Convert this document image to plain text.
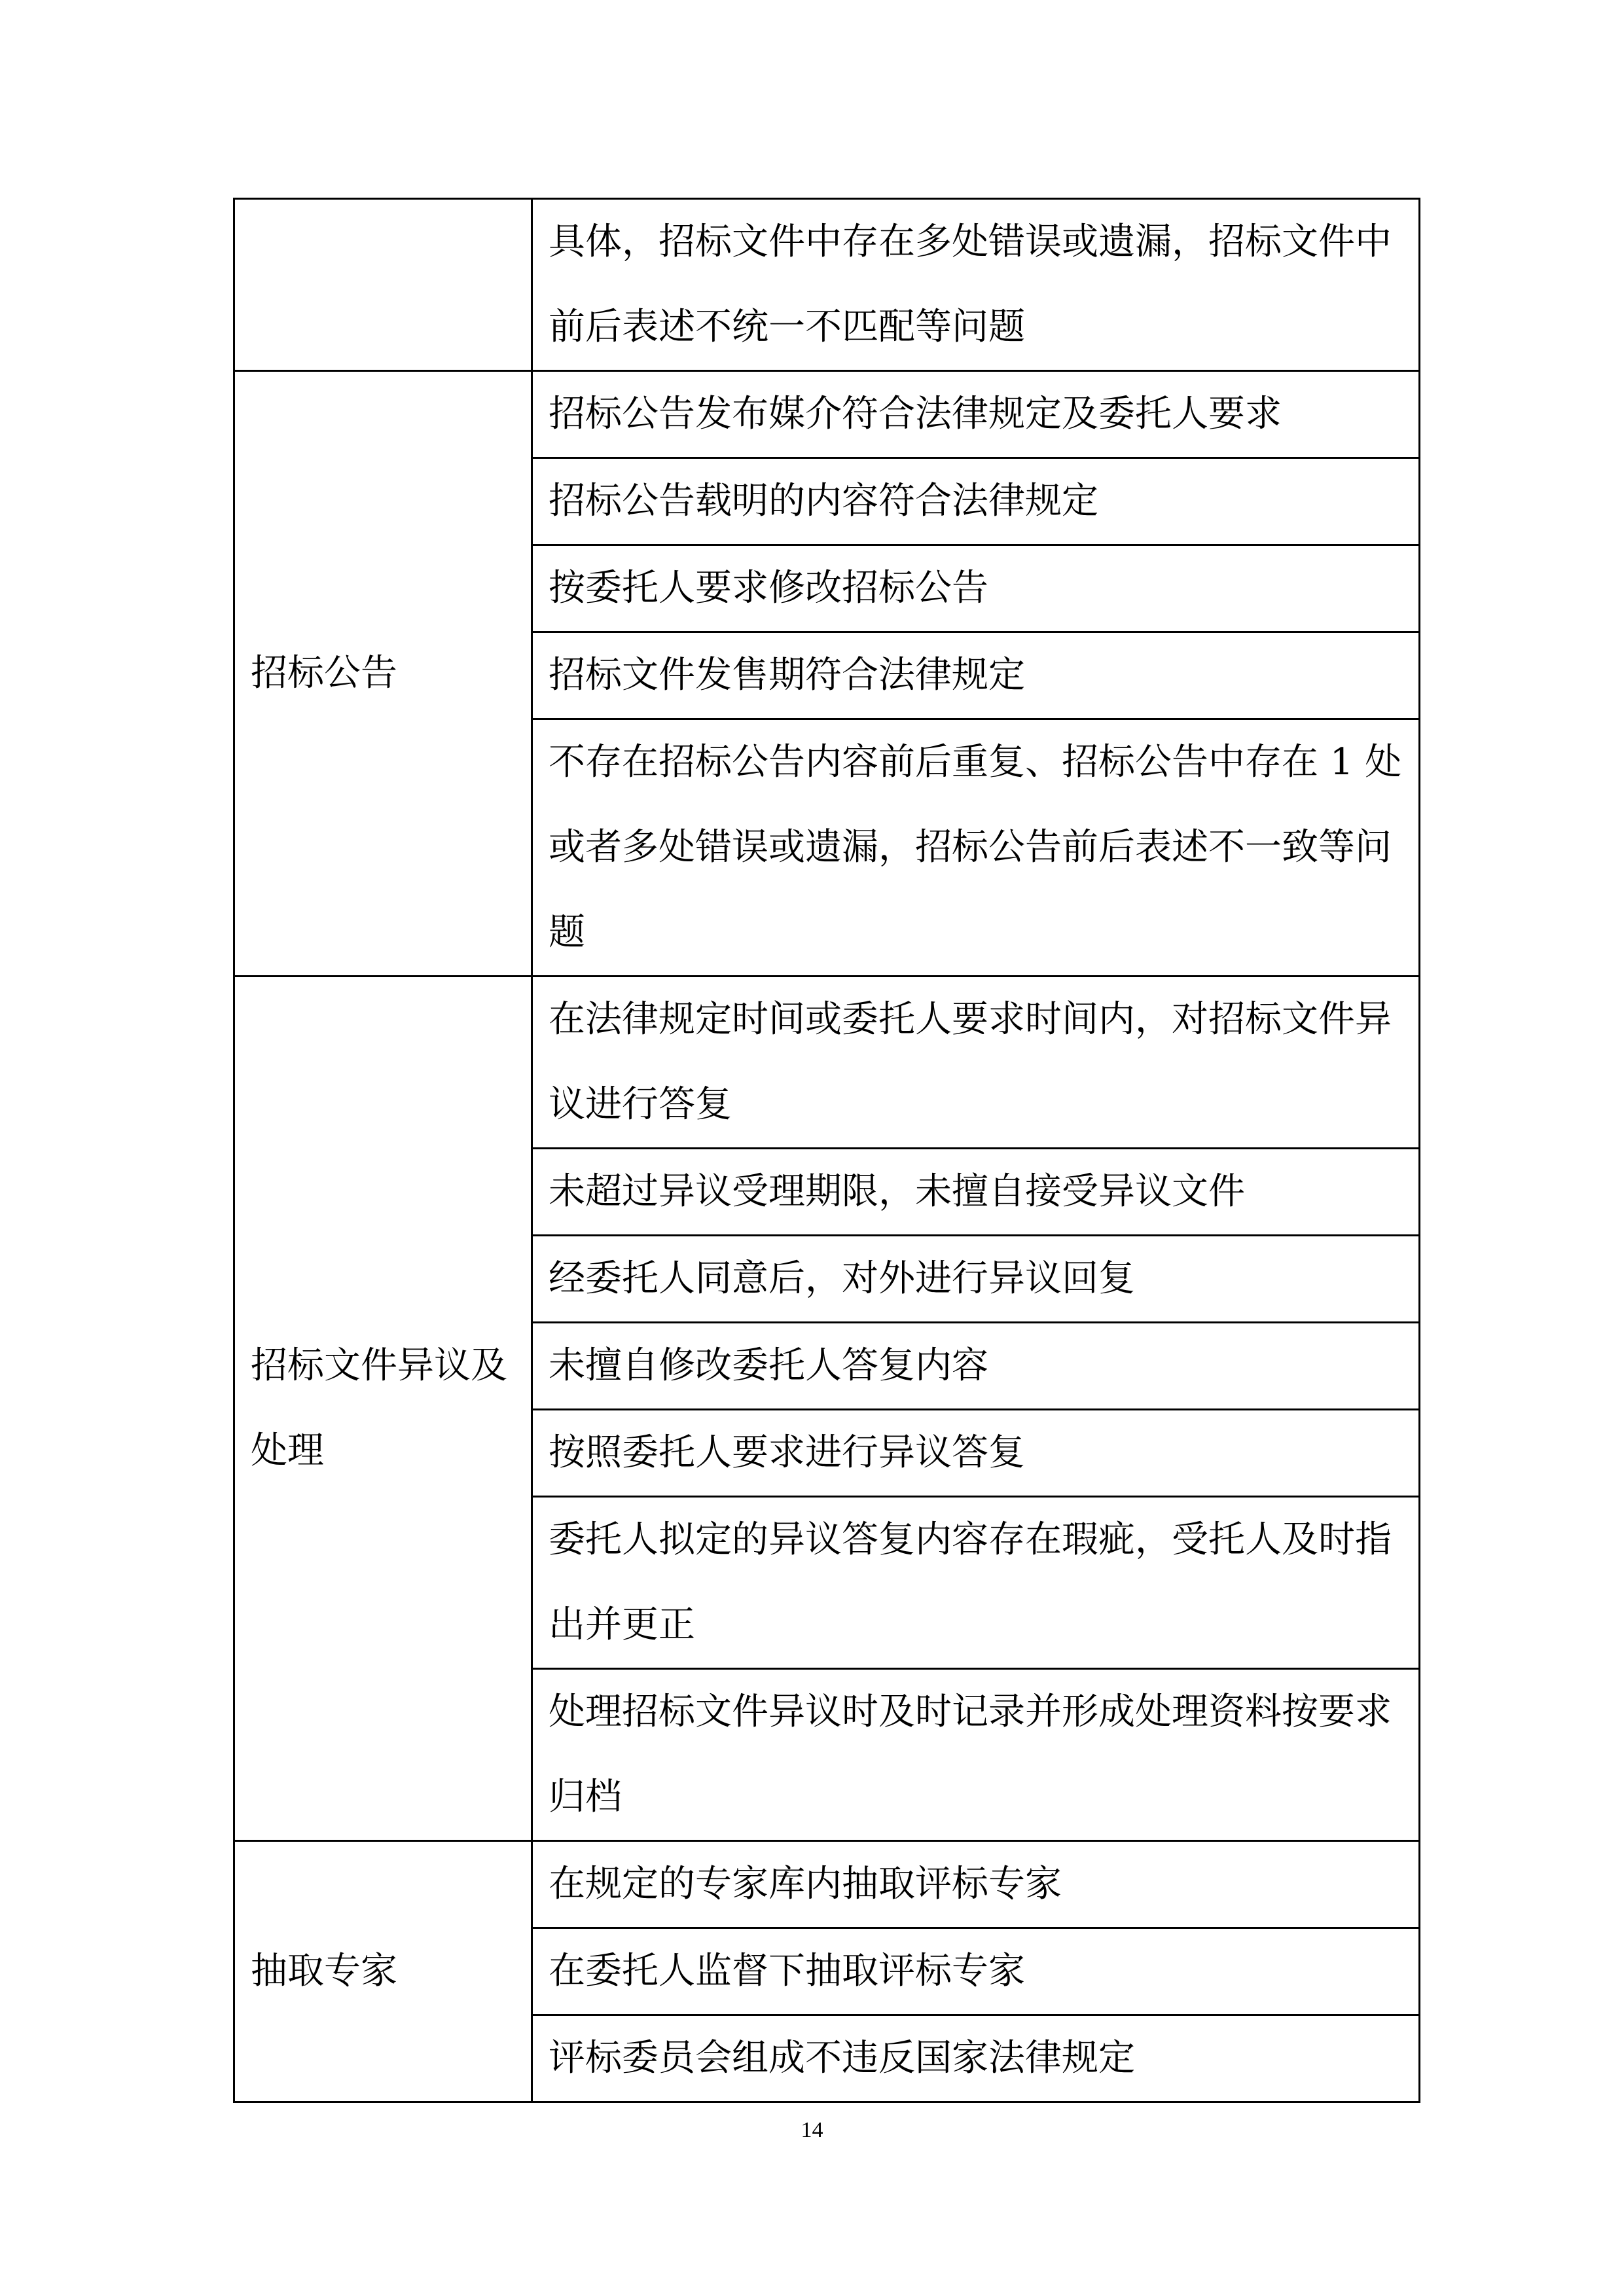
	具体，招标文件中存在多处错误或遗漏，招标文件中前后表述不统一不匹配等问题
招标公告	招标公告发布媒介符合法律规定及委托人要求
	招标公告载明的内容符合法律规定
	按委托人要求修改招标公告
	招标文件发售期符合法律规定
	不存在招标公告内容前后重复、招标公告中存在 1 处或者多处错误或遗漏，招标公告前后表述不一致等问题
招标文件异议及处理	在法律规定时间或委托人要求时间内，对招标文件异议进行答复
	未超过异议受理期限，未擅自接受异议文件
	经委托人同意后，对外进行异议回复
	未擅自修改委托人答复内容
	按照委托人要求进行异议答复
	委托人拟定的异议答复内容存在瑕疵，受托人及时指出并更正
	处理招标文件异议时及时记录并形成处理资料按要求归档
抽取专家	在规定的专家库内抽取评标专家
	在委托人监督下抽取评标专家
	评标委员会组成不违反国家法律规定
14
